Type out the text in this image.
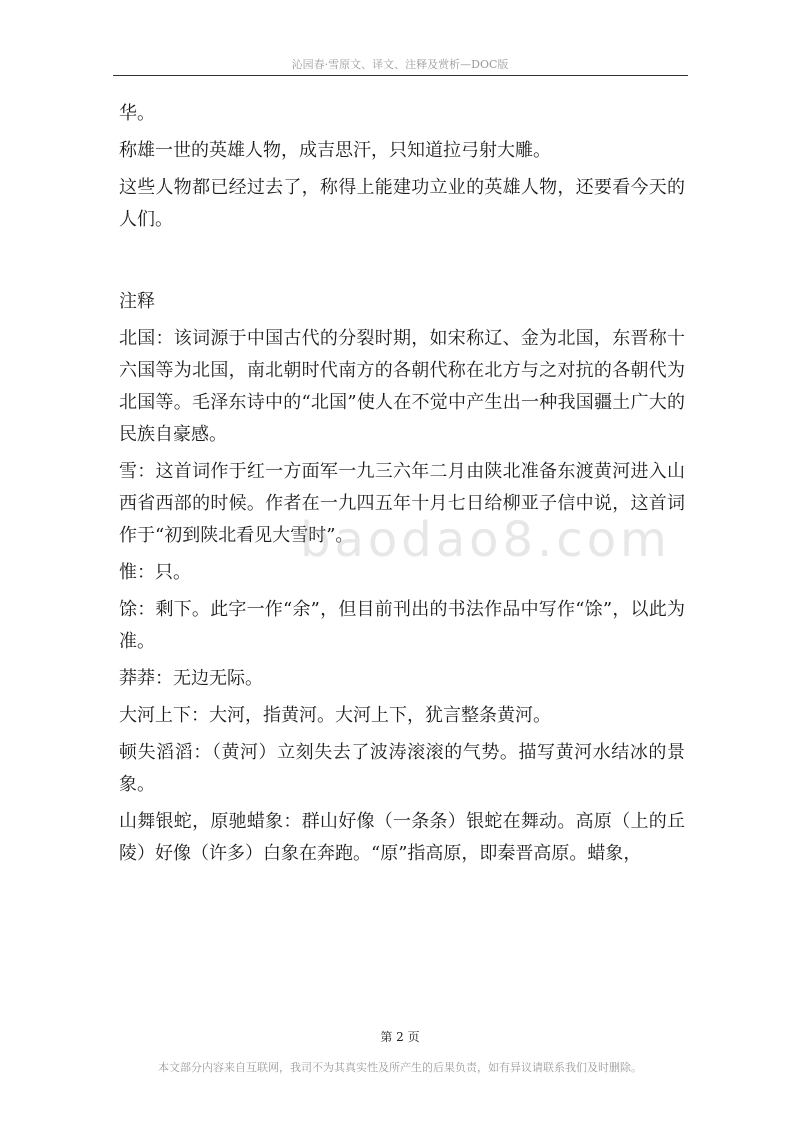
沁园春·雪原文、译文、注释及赏析—DOC版

华。

称雄一世的英雄人物，成吉思汗，只知道拉弓射大雕。

这些人物都已经过去了，称得上能建功立业的英雄人物，还要看今天的人们。

注释

北国：该词源于中国古代的分裂时期，如宋称辽、金为北国，东晋称十六国等为北国，南北朝时代南方的各朝代称在北方与之对抗的各朝代为北国等。毛泽东诗中的“北国”使人在不觉中产生出一种我国疆土广大的民族自豪感。

雪：这首词作于红一方面军一九三六年二月由陕北准备东渡黄河进入山西省西部的时候。作者在一九四五年十月七日给柳亚子信中说，这首词作于“初到陕北看见大雪时”。

惟：只。

馀：剩下。此字一作“余”，但目前刊出的书法作品中写作“馀”，以此为准。

莽莽：无边无际。

大河上下：大河，指黄河。大河上下，犹言整条黄河。

顿失滔滔：（黄河）立刻失去了波涛滚滚的气势。描写黄河水结冰的景象。

山舞银蛇，原驰蜡象：群山好像（一条条）银蛇在舞动。高原（上的丘陵）好像（许多）白象在奔跑。“原”指高原，即秦晋高原。蜡象，

baodao8.com
第 2 页
本文部分内容来自互联网，我司不为其真实性及所产生的后果负责，如有异议请联系我们及时删除。
